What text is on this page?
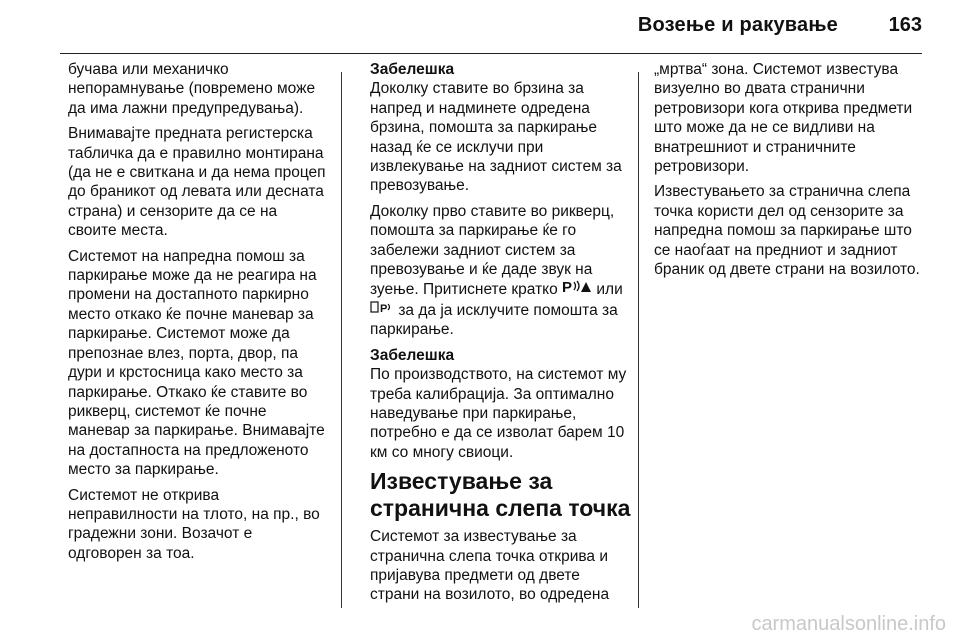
Возење и ракување	163

бучава или механичко непорамнување (повремено може да има лажни предупредувања).

Внимавајте предната регистерска табличка да е правилно монтирана (да не е свиткана и да нема процеп до браникот од левата или десната страна) и сензорите да се на своите места.

Системот на напредна помош за паркирање може да не реагира на промени на достапното паркирно место откако ќе почне маневар за паркирање. Системот може да препознае влез, порта, двор, па дури и крстосница како место за паркирање. Откако ќе ставите во рикверц, системот ќе почне маневар за паркирање. Внимавајте на достапноста на предложеното место за паркирање.

Системот не открива неправилности на тлото, на пр., во градежни зони. Возачот е одговорен за тоа.

Забелешка

Доколку ставите во брзина за напред и надминете одредена брзина, помошта за паркирање назад ќе се исклучи при извлекување на задниот систем за превозување.

Доколку прво ставите во рикверц, помошта за паркирање ќе го забележи задниот систем за превозување и ќе даде звук на зуење. Притиснете кратко P или
P за да ја исклучите помошта за паркирање.

Забелешка

По производството, на системот му треба калибрација. За оптимално наведување при паркирање, потребно е да се изволат барем 10 км со многу свиоци.

Известување за странична слепа точка

Системот за известување за странична слепа точка открива и пријавува предмети од двете страни на возилото, во одредена

„мртва“ зона. Системот известува визуелно во двата странични ретровизори кога открива предмети што може да не се видливи на внатрешниот и страничните ретровизори.

Известувањето за странична слепа точка користи дел од сензорите за напредна помош за паркирање што се наоѓаат на предниот и задниот браник од двете страни на возилото.

carmanualsonline.info
